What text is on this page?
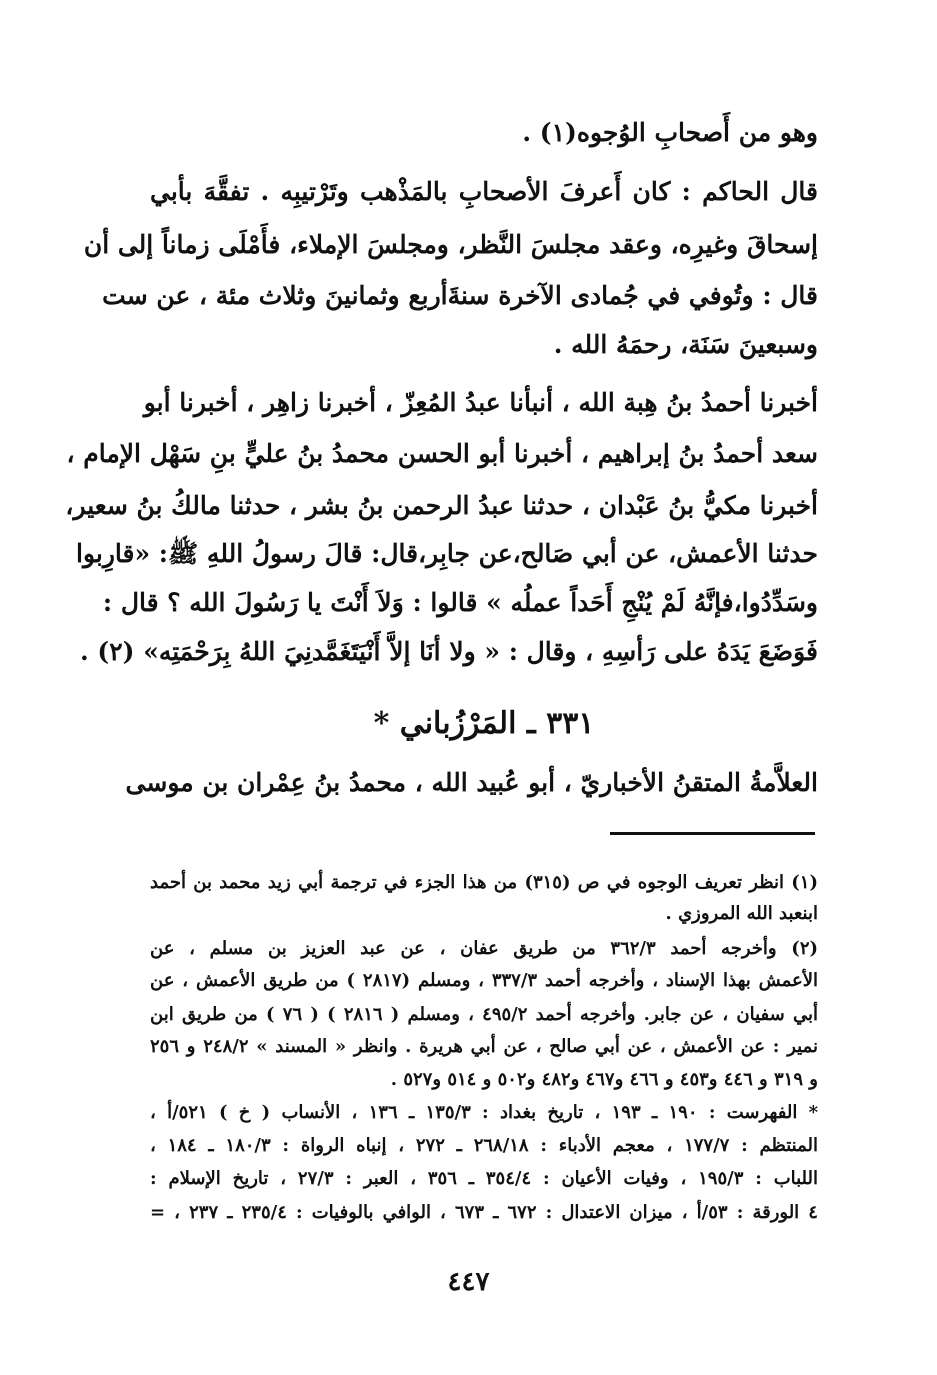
وهو من أَصحابِ الوُجوه(١) .
قال الحاكم : كان أَعرفَ الأصحابِ بالمَذْهب وتَرْتيبِه . تفقَّهَ بأبي
إسحاقَ وغيرِه، وعقد مجلسَ النَّظر، ومجلسَ الإملاء، فأَمْلَى زماناً إلى أن
قال : وتُوفي في جُمادى الآخرة سنةَأربع وثمانينَ وثلاث مئة ، عن ست
وسبعينَ سَنَة، رحمَهُ الله .
أخبرنا أحمدُ بنُ هِبة الله ، أنبأنا عبدُ المُعِزّ ، أخبرنا زاهِر ، أخبرنا أبو
سعد أحمدُ بنُ إبراهيم ، أخبرنا أبو الحسن محمدُ بنُ عليٍّ بنِ سَهْل الإمام ،
أخبرنا مكيُّ بنُ عَبْدان ، حدثنا عبدُ الرحمن بنُ بشر ، حدثنا مالكُ بنُ سعير،
حدثنا الأعمش، عن أبي صَالح،عن جابِر،قال: قالَ رسولُ اللهِ ﷺ: «قارِبوا
وسَدِّدُوا،فإنَّهُ لَمْ يُنْجِ أَحَداً عملُه » قالوا : وَلاَ أَنْتَ يا رَسُولَ الله ؟ قال :
فَوَضَعَ يَدَهُ على رَأسِهِ ، وقال : « ولا أنَا إلاَّ أَنْيَتَغَمَّدنِيَ اللهُ بِرَحْمَتِه» (٢) .
٣٣١ ـ المَرْزُباني *
العلاَّمةُ المتقنُ الأخباريّ ، أبو عُبيد الله ، محمدُ بنُ عِمْران بن موسى
(١) انظر تعريف الوجوه في ص (٣١٥) من هذا الجزء في ترجمة أبي زيد محمد بن أحمد
ابنعبد الله المروزي .
(٢) وأخرجه أحمد ٣٦٢/٣ من طريق عفان ، عن عبد العزيز بن مسلم ، عن
الأعمش بهذا الإسناد ، وأخرجه أحمد ٣٣٧/٣ ، ومسلم (٢٨١٧ ) من طريق الأعمش ، عن
أبي سفيان ، عن جابر. وأخرجه أحمد ٤٩٥/٢ ، ومسلم ( ٢٨١٦ ) ( ٧٦ ) من طريق ابن
نمير : عن الأعمش ، عن أبي صالح ، عن أبي هريرة . وانظر « المسند » ٢٤٨/٢ و ٢٥٦
و ٣١٩ و ٤٤٦ و٤٥٣ و ٤٦٦ و٤٦٧ و٤٨٢ و٥٠٢ و ٥١٤ و٥٢٧ .
* الفهرست : ١٩٠ ـ ١٩٣ ، تاريخ بغداد : ١٣٥/٣ ـ ١٣٦ ، الأنساب ( خ ) ٥٢١/أ ،
المنتظم : ١٧٧/٧ ، معجم الأدباء : ٢٦٨/١٨ ـ ٢٧٢ ، إنباه الرواة : ١٨٠/٣ ـ ١٨٤ ،
اللباب : ١٩٥/٣ ، وفيات الأعيان : ٣٥٤/٤ ـ ٣٥٦ ، العبر : ٢٧/٣ ، تاريخ الإسلام :
٤ الورقة : ٥٣/أ ، ميزان الاعتدال : ٦٧٢ ـ ٦٧٣ ، الوافي بالوفيات : ٢٣٥/٤ ـ ٢٣٧ ، =
٤٤٧
